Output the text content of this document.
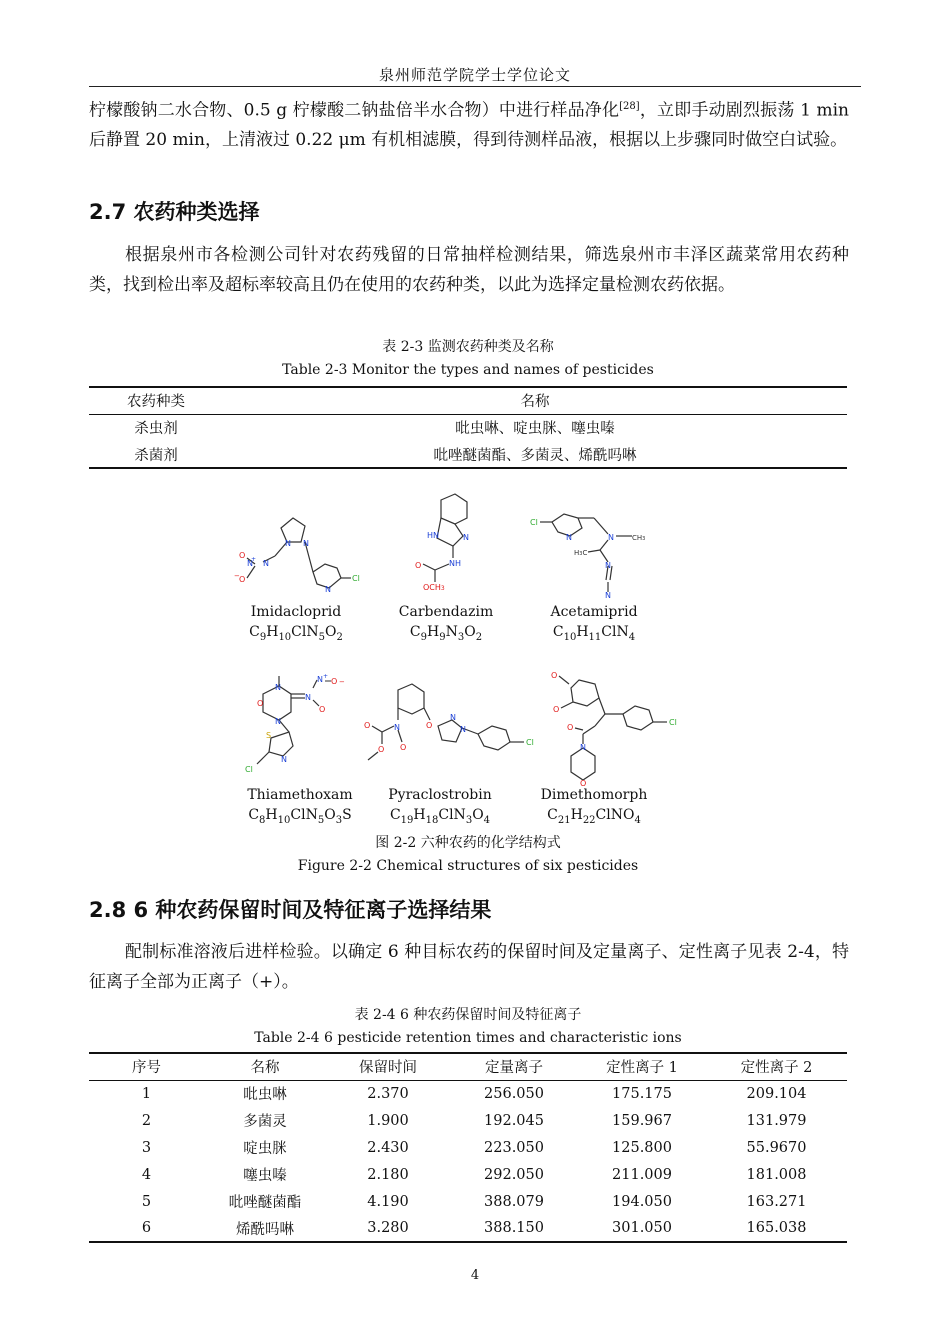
泉州师范学院学士学位论文

柠檬酸钠二水合物、0.5 g 柠檬酸二钠盐倍半水合物）中进行样品净化[28]，立即手动剧烈振荡 1 min 后静置 20 min，上清液过 0.22 μm 有机相滤膜，得到待测样品液，根据以上步骤同时做空白试验。

2.7 农药种类选择

根据泉州市各检测公司针对农药残留的日常抽样检测结果，筛选泉州市丰泽区蔬菜常用农药种类，找到检出率及超标率较高且仍在使用的农药种类，以此为选择定量检测农药依据。

表 2-3 监测农药种类及名称
Table 2-3 Monitor the types and names of pesticides
农药种类	名称
杀虫剂	吡虫啉、啶虫脒、噻虫嗪
杀菌剂	吡唑醚菌酯、多菌灵、烯酰吗啉
N N
N
N
+
O
O
−
N
Cl
Imidacloprid
$C_9H_{10}ClN_5O_2$
HN	N
NH
O
OCH3
Carbendazim
$C_9H_9N_3O_2$
Cl
N	N	CH3
H3C
N
N
Acetamiprid
$C_{10}H_{11}ClN_4$
N
N
O
N
N +
O −
O
S
N
Cl
Thiamethoxam
$C_8H_{10}ClN_5O_3S$
N
O
O
O
O
N
N
Cl
Pyraclostrobin
$C_{19}H_{18}ClN_3O_4$
O
O
O
N
O
Cl
Dimethomorph
$C_{21}H_{22}ClNO_4$
图 2-2 六种农药的化学结构式
Figure 2-2 Chemical structures of six pesticides
2.8 6 种农药保留时间及特征离子选择结果

配制标准溶液后进样检验。以确定 6 种目标农药的保留时间及定量离子、定性离子见表 2-4，特征离子全部为正离子（+）。

表 2-4 6 种农药保留时间及特征离子
Table 2-4 6 pesticide retention times and characteristic ions
序号	名称	保留时间	定量离子	定性离子 1	定性离子 2
1	吡虫啉	2.370	256.050	175.175	209.104
2	多菌灵	1.900	192.045	159.967	131.979
3	啶虫脒	2.430	223.050	125.800	55.9670
4	噻虫嗪	2.180	292.050	211.009	181.008
5	吡唑醚菌酯	4.190	388.079	194.050	163.271
6	烯酰吗啉	3.280	388.150	301.050	165.038
4
